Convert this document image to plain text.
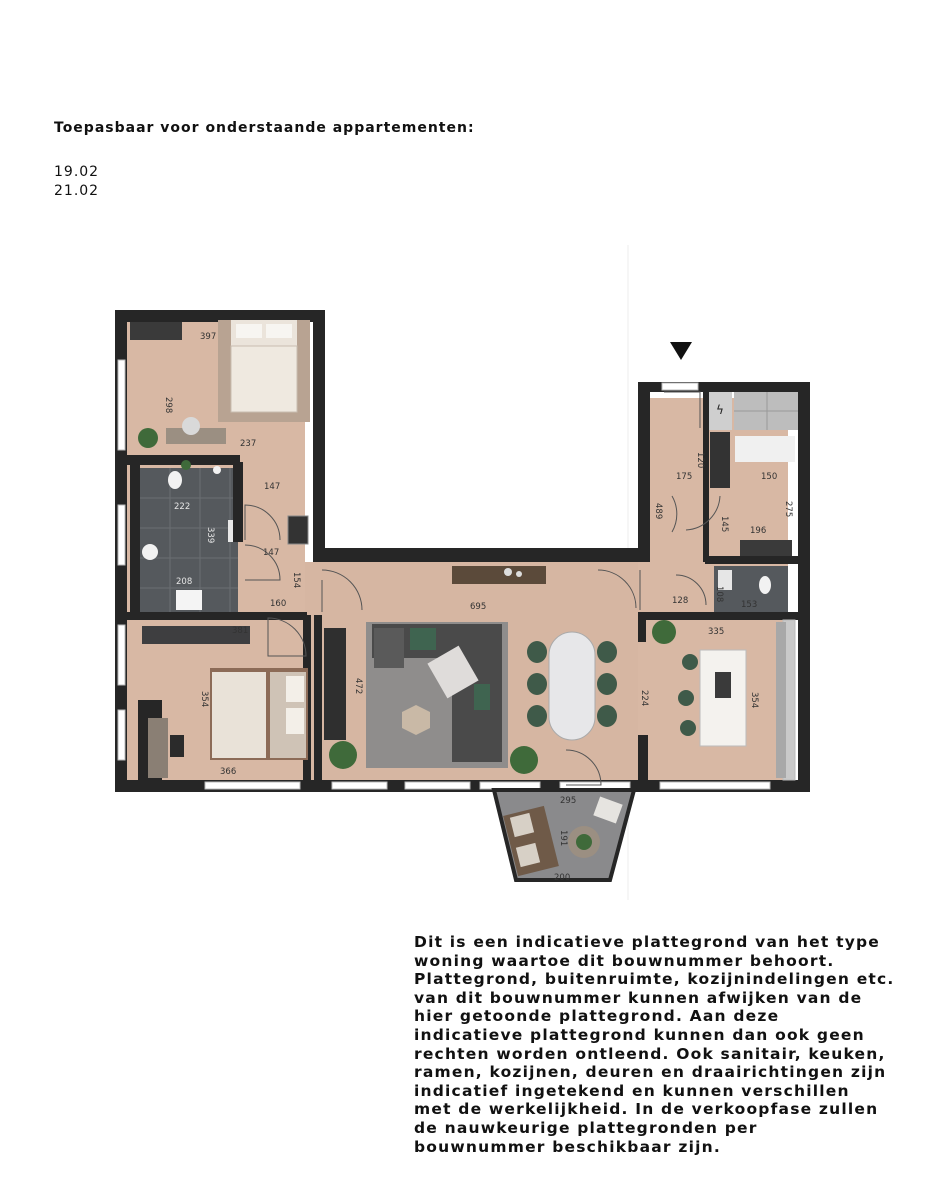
Toepasbaar voor onderstaande appartementen:
19.02
21.02
ϟ
397
298
237
147
222
339
208
147
154
160
381
354
366
695
472
224
335
354
175
120
489
128
150
275
145 196
108
153
295
191
200
Dit is een indicatieve plattegrond van het type
woning waartoe dit bouwnummer behoort.
Plattegrond, buitenruimte, kozijnindelingen etc.
van dit bouwnummer kunnen afwijken van de
hier getoonde plattegrond. Aan deze
indicatieve plattegrond kunnen dan ook geen
rechten worden ontleend. Ook sanitair, keuken,
ramen, kozijnen, deuren en draairichtingen zijn
indicatief ingetekend en kunnen verschillen
met de werkelijkheid. In de verkoopfase zullen
de nauwkeurige plattegronden per
bouwnummer beschikbaar zijn.
